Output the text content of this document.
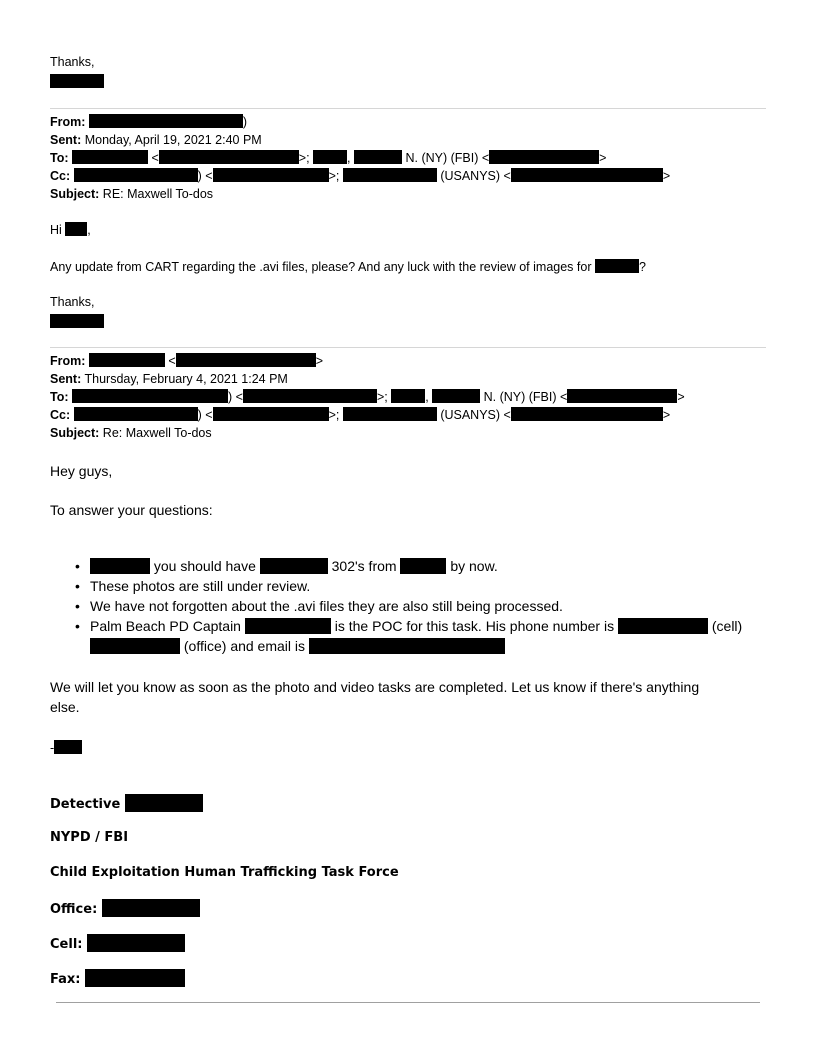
Thanks,
From:	)
Sent: Monday, April 19, 2021 2:40 PM
To:	<	>;	,	N. (NY) (FBI) <	>
Cc:	) <	>;	(USANYS) <	>
Subject: RE: Maxwell To-dos
Hi ,
Any update from CART regarding the .avi files, please? And any luck with the review of images for	?
Thanks,
From:	<	>
Sent: Thursday, February 4, 2021 1:24 PM
To:	) <	>;	,	N. (NY) (FBI) <	>
Cc:	) <	>;	(USANYS) <	>
Subject: Re: Maxwell To-dos
Hey guys,
To answer your questions:
• you should have	302's from	by now.
• These photos are still under review.
• We have not forgotten about the .avi files they are also still being processed.
• Palm Beach PD Captain	is the POC for this task. His phone number is	(cell)
(office) and email is
We will let you know as soon as the photo and video tasks are completed. Let us know if there's anything
else.
-
Detective
NYPD / FBI
Child Exploitation Human Trafficking Task Force
Office:
Cell:
Fax:
